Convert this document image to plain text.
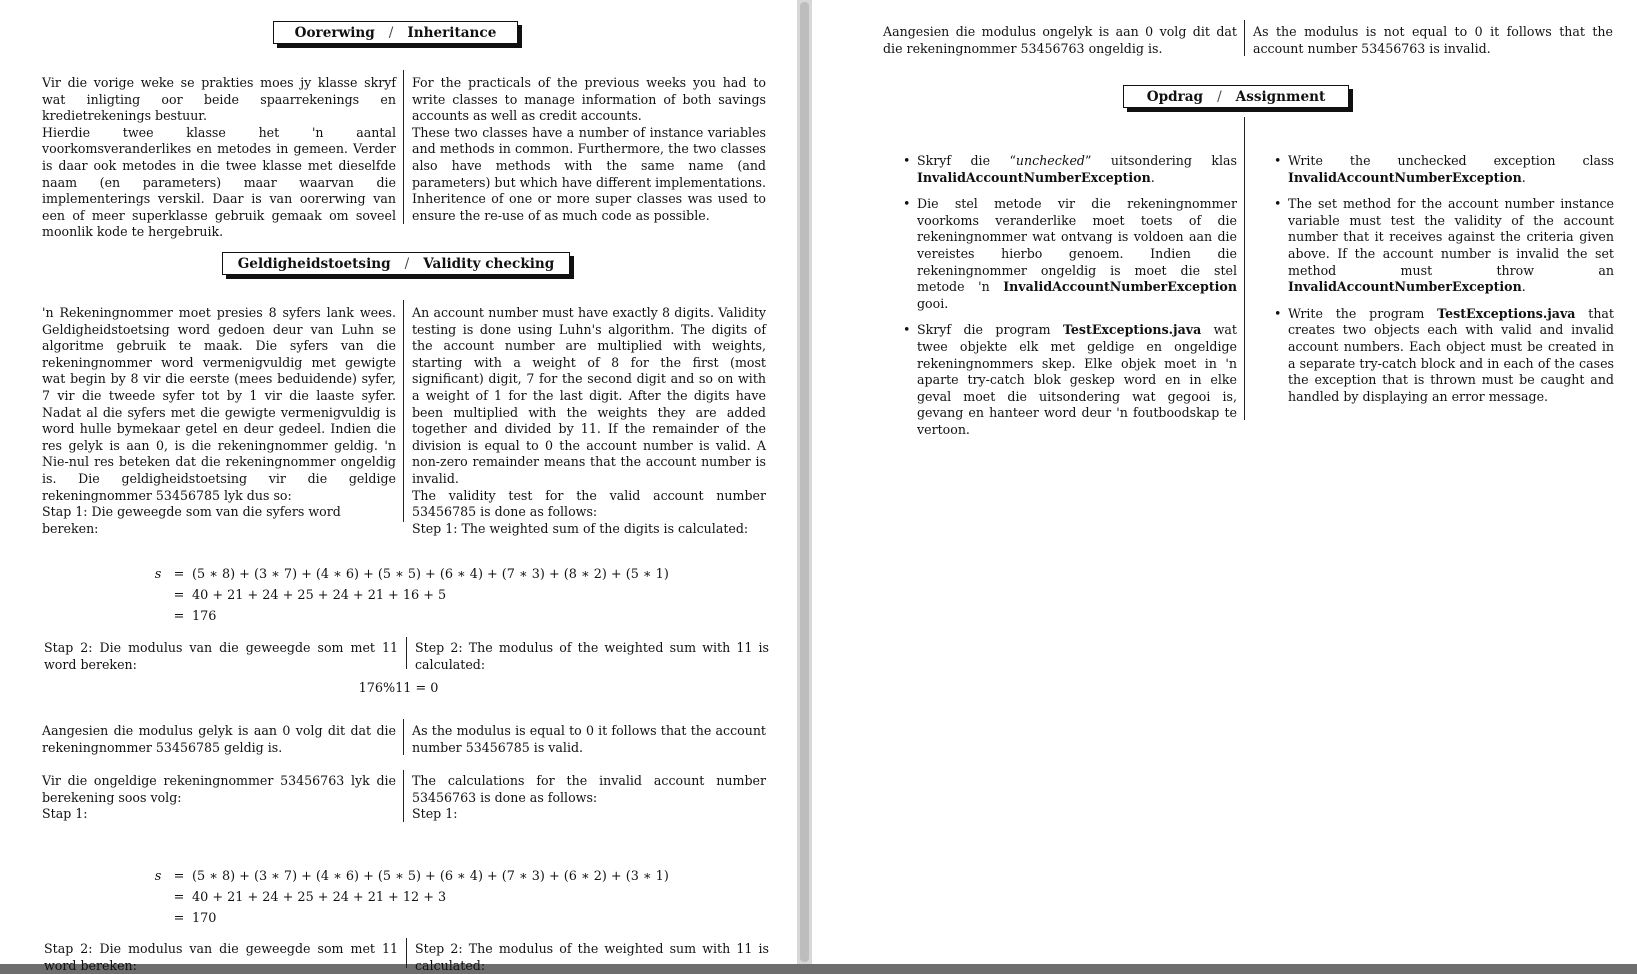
Oorerwing	/	Inheritance

Vir die vorige weke se prakties moes jy klasse skryf wat inligting oor beide spaarrekenings en kredietrekenings bestuur.

Hierdie twee klasse het 'n aantal voorkomsveranderlikes en metodes in gemeen. Verder is daar ook metodes in die twee klasse met dieselfde naam (en parameters) maar waarvan die implementerings verskil. Daar is van oorerwing van een of meer superklasse gebruik gemaak om soveel moonlik kode te hergebruik.

For the practicals of the previous weeks you had to write classes to manage information of both savings accounts as well as credit accounts.

These two classes have a number of instance variables and methods in common. Furthermore, the two classes also have methods with the same name (and parameters) but which have different implementations. Inheritence of one or more super classes was used to ensure the re-use of as much code as possible.

Geldigheidstoetsing	/	Validity checking

'n Rekeningnommer moet presies 8 syfers lank wees. Geldigheidstoetsing word gedoen deur van Luhn se algoritme gebruik te maak. Die syfers van die rekeningnommer word vermenigvuldig met gewigte wat begin by 8 vir die eerste (mees beduidende) syfer, 7 vir die tweede syfer tot by 1 vir die laaste syfer. Nadat al die syfers met die gewigte vermenigvuldig is word hulle bymekaar getel en deur gedeel. Indien die res gelyk is aan 0, is die rekeningnommer geldig. 'n Nie-nul res beteken dat die rekeningnommer ongeldig is. Die geldigheidstoetsing vir die geldige rekeningnommer 53456785 lyk dus so:

Stap 1: Die geweegde som van die syfers word bereken:

An account number must have exactly 8 digits. Validity testing is done using Luhn's algorithm. The digits of the account number are multiplied with weights, starting with a weight of 8 for the first (most significant) digit, 7 for the second digit and so on with a weight of 1 for the last digit. After the digits have been multiplied with the weights they are added together and divided by 11. If the remainder of the division is equal to 0 the account number is valid. A non-zero remainder means that the account number is invalid.

The validity test for the valid account number 53456785 is done as follows:

Step 1: The weighted sum of the digits is calculated:

s = (5 ∗ 8) + (3 ∗ 7) + (4 ∗ 6) + (5 ∗ 5) + (6 ∗ 4) + (7 ∗ 3) + (8 ∗ 2) + (5 ∗ 1)
= 40 + 21 + 24 + 25 + 24 + 21 + 16 + 5
= 176
Stap 2: Die modulus van die geweegde som met 11 word bereken:
Step 2: The modulus of the weighted sum with 11 is calculated:
176%11 = 0
Aangesien die modulus gelyk is aan 0 volg dit dat die rekeningnommer 53456785 geldig is.
As the modulus is equal to 0 it follows that the account number 53456785 is valid.

Vir die ongeldige rekeningnommer 53456763 lyk die berekening soos volg:

Stap 1:

The calculations for the invalid account number 53456763 is done as follows:

Step 1:

s = (5 ∗ 8) + (3 ∗ 7) + (4 ∗ 6) + (5 ∗ 5) + (6 ∗ 4) + (7 ∗ 3) + (6 ∗ 2) + (3 ∗ 1)
= 40 + 21 + 24 + 25 + 24 + 21 + 12 + 3
= 170
Stap 2: Die modulus van die geweegde som met 11 word bereken:
Step 2: The modulus of the weighted sum with 11 is calculated:
Aangesien die modulus ongelyk is aan 0 volg dit dat die rekeningnommer 53456763 ongeldig is.
As the modulus is not equal to 0 it follows that the account number 53456763 is invalid.
Opdrag	/	Assignment
• Skryf die “unchecked” uitsondering klas InvalidAccountNumberException.
• Die stel metode vir die rekeningnommer voorkoms veranderlike moet toets of die rekeningnommer wat ontvang is voldoen aan die vereistes hierbo genoem. Indien die rekeningnommer ongeldig is moet die stel metode 'n InvalidAccountNumberException gooi.
• Skryf die program TestExceptions.java wat twee objekte elk met geldige en ongeldige rekeningnommers skep. Elke objek moet in 'n aparte try-catch blok geskep word en in elke geval moet die uitsondering wat gegooi is, gevang en hanteer word deur 'n foutboodskap te vertoon.
• Write the unchecked exception class InvalidAccountNumberException.
• The set method for the account number instance variable must test the validity of the account number that it receives against the criteria given above. If the account number is invalid the set method must throw an InvalidAccountNumberException.
• Write the program TestExceptions.java that creates two objects each with valid and invalid account numbers. Each object must be created in a separate try-catch block and in each of the cases the exception that is thrown must be caught and handled by displaying an error message.
